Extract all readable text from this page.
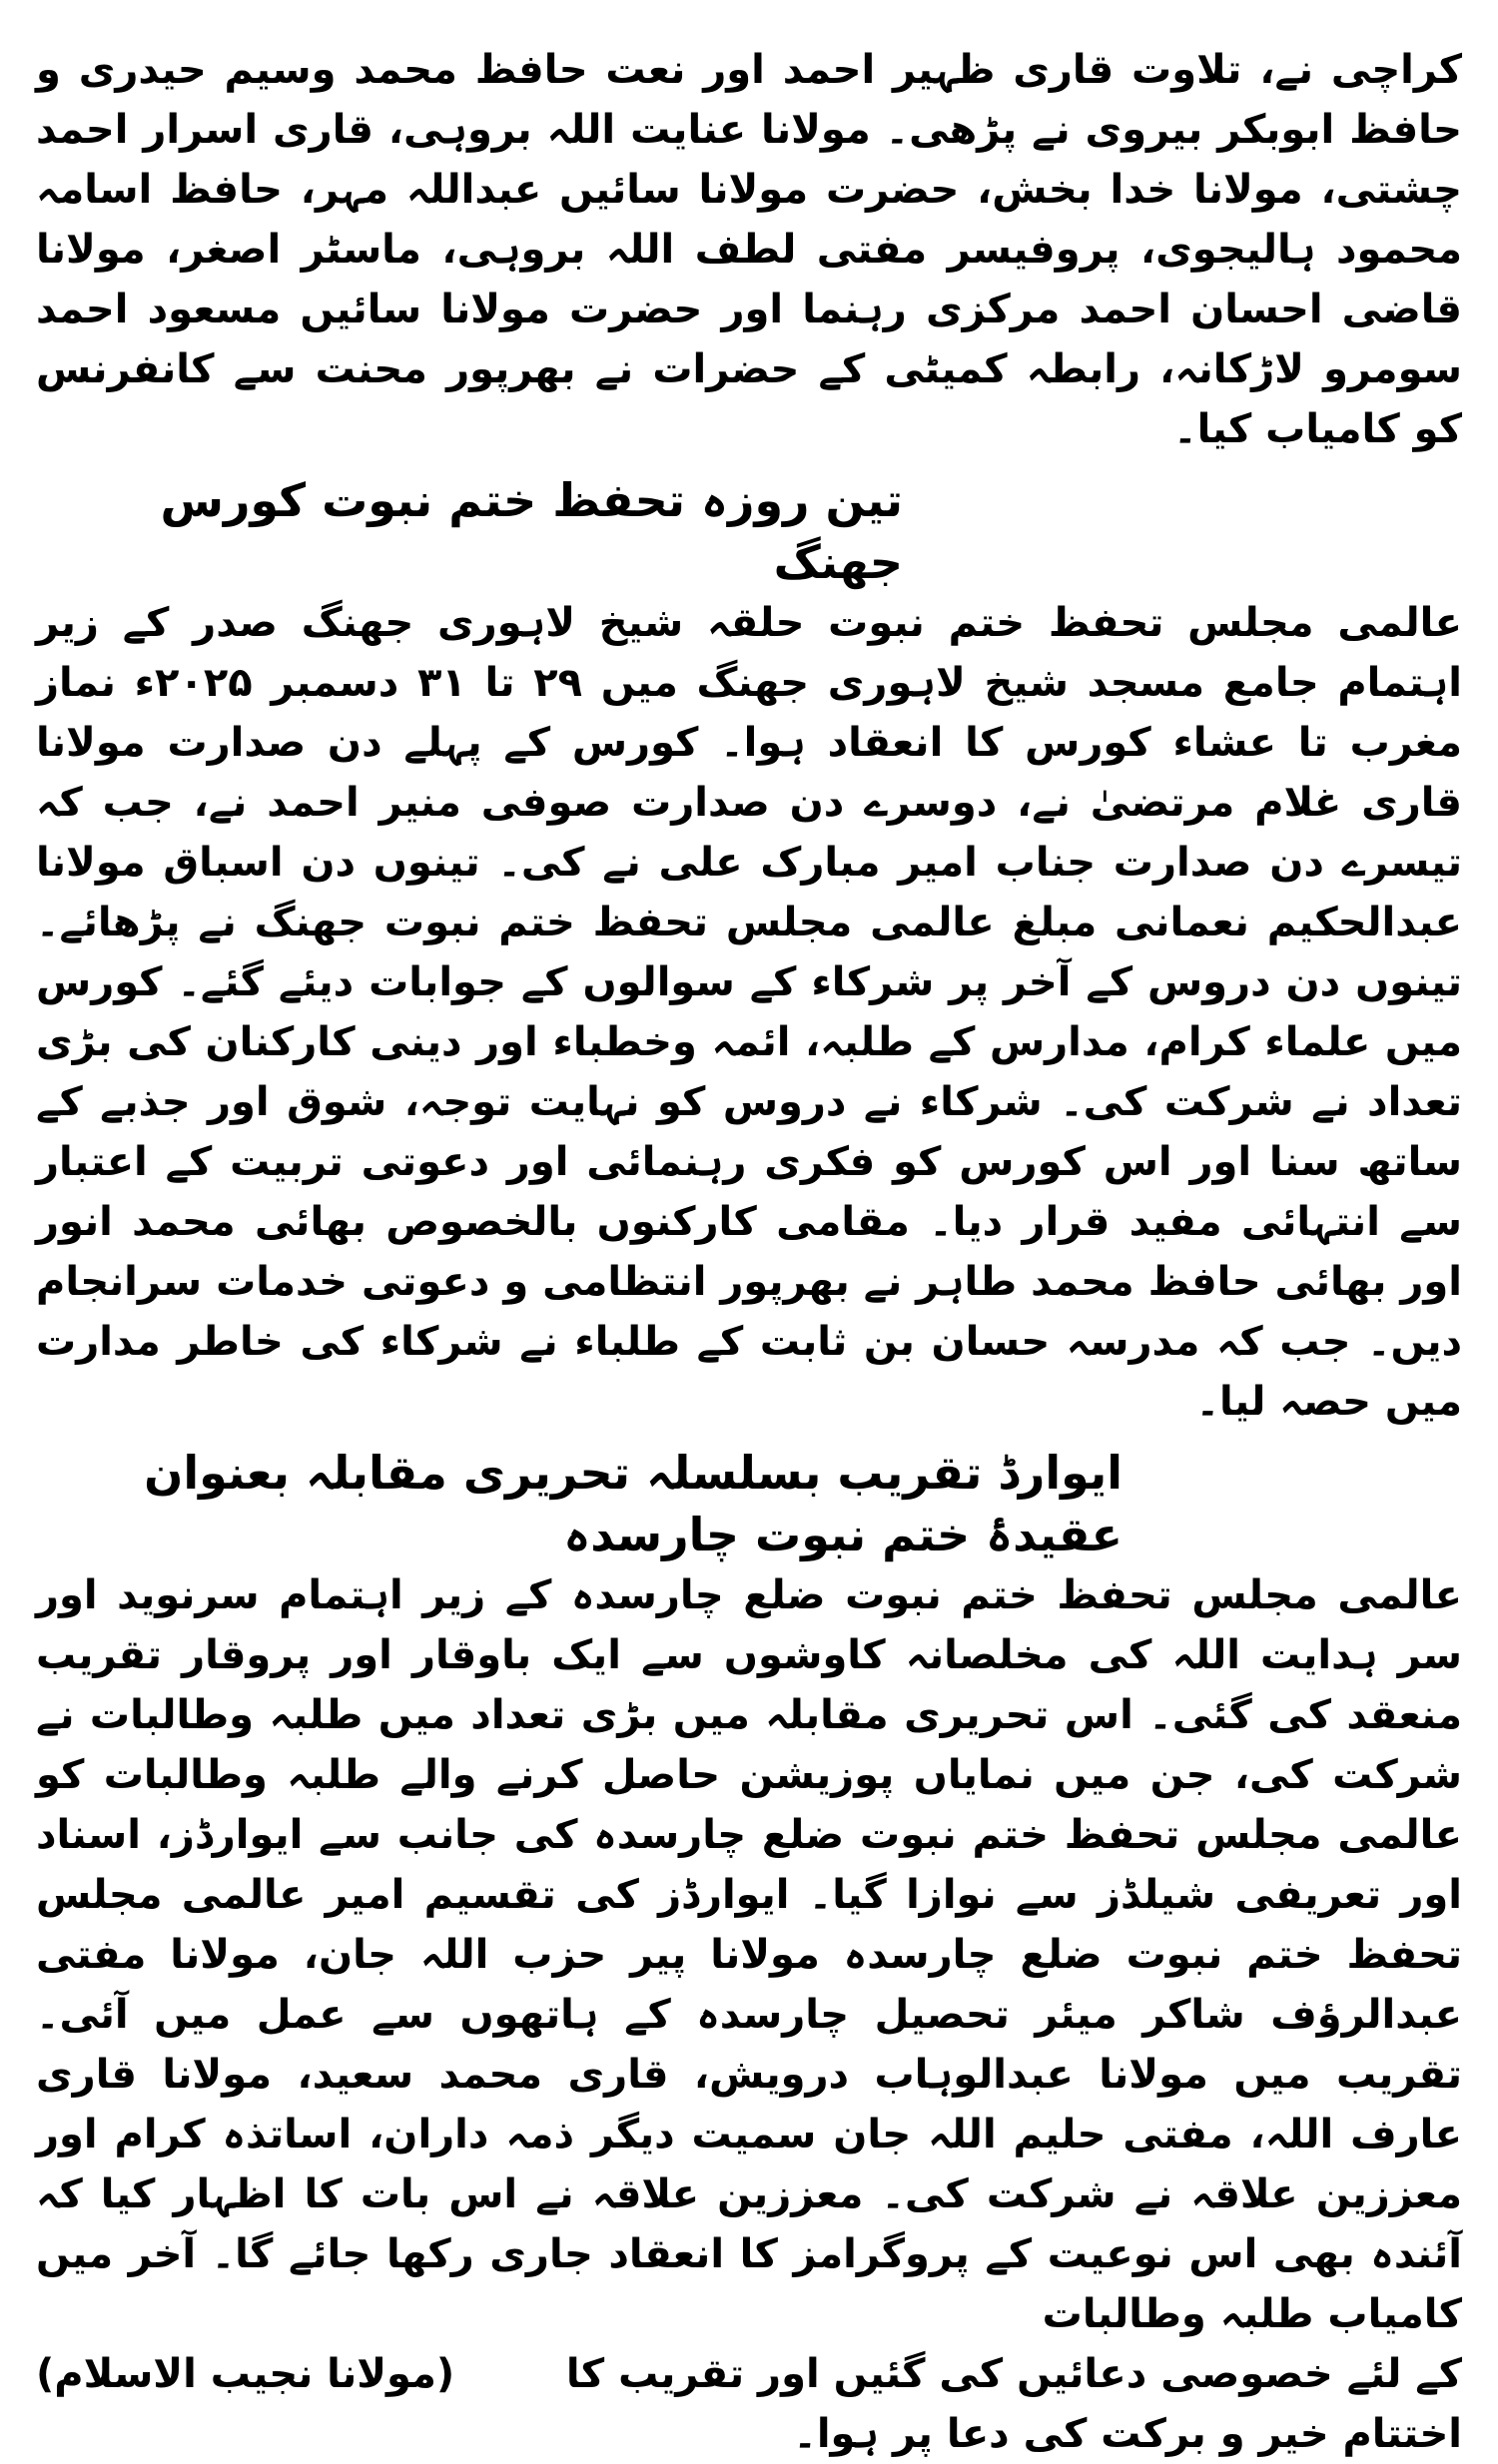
کراچی نے، تلاوت قاری ظہیر احمد اور نعت حافظ محمد وسیم حیدری و حافظ ابوبکر بیروی نے پڑھی۔ مولانا عنایت اللہ بروہی، قاری اسرار احمد چشتی، مولانا خدا بخش، حضرت مولانا سائیں عبداللہ مہر، حافظ اسامہ محمود ہالیجوی، پروفیسر مفتی لطف اللہ بروہی، ماسٹر اصغر، مولانا قاضی احسان احمد مرکزی رہنما اور حضرت مولانا سائیں مسعود احمد سومرو لاڑکانہ، رابطہ کمیٹی کے حضرات نے بھرپور محنت سے کانفرنس کو کامیاب کیا۔

تین روزہ تحفظ ختم نبوت کورس جھنگ

عالمی مجلس تحفظ ختم نبوت حلقہ شیخ لاہوری جھنگ صدر کے زیر اہتمام جامع مسجد شیخ لاہوری جھنگ میں ۲۹ تا ۳۱ دسمبر ۲۰۲۵ء نماز مغرب تا عشاء کورس کا انعقاد ہوا۔ کورس کے پہلے دن صدارت مولانا قاری غلام مرتضیٰ نے، دوسرے دن صدارت صوفی منیر احمد نے، جب کہ تیسرے دن صدارت جناب امیر مبارک علی نے کی۔ تینوں دن اسباق مولانا عبدالحکیم نعمانی مبلغ عالمی مجلس تحفظ ختم نبوت جھنگ نے پڑھائے۔ تینوں دن دروس کے آخر پر شرکاء کے سوالوں کے جوابات دیئے گئے۔ کورس میں علماء کرام، مدارس کے طلبہ، ائمہ وخطباء اور دینی کارکنان کی بڑی تعداد نے شرکت کی۔ شرکاء نے دروس کو نہایت توجہ، شوق اور جذبے کے ساتھ سنا اور اس کورس کو فکری رہنمائی اور دعوتی تربیت کے اعتبار سے انتہائی مفید قرار دیا۔ مقامی کارکنوں بالخصوص بھائی محمد انور اور بھائی حافظ محمد طاہر نے بھرپور انتظامی و دعوتی خدمات سرانجام دیں۔ جب کہ مدرسہ حسان بن ثابت کے طلباء نے شرکاء کی خاطر مدارت میں حصہ لیا۔

ایوارڈ تقریب بسلسلہ تحریری مقابلہ بعنوان عقیدۂ ختم نبوت چارسدہ

عالمی مجلس تحفظ ختم نبوت ضلع چارسدہ کے زیر اہتمام سرنوید اور سر ہدایت اللہ کی مخلصانہ کاوشوں سے ایک باوقار اور پروقار تقریب منعقد کی گئی۔ اس تحریری مقابلہ میں بڑی تعداد میں طلبہ وطالبات نے شرکت کی، جن میں نمایاں پوزیشن حاصل کرنے والے طلبہ وطالبات کو عالمی مجلس تحفظ ختم نبوت ضلع چارسدہ کی جانب سے ایوارڈز، اسناد اور تعریفی شیلڈز سے نوازا گیا۔ ایوارڈز کی تقسیم امیر عالمی مجلس تحفظ ختم نبوت ضلع چارسدہ مولانا پیر حزب اللہ جان، مولانا مفتی عبدالرؤف شاکر میئر تحصیل چارسدہ کے ہاتھوں سے عمل میں آئی۔ تقریب میں مولانا عبدالوہاب درویش، قاری محمد سعید، مولانا قاری عارف اللہ، مفتی حلیم اللہ جان سمیت دیگر ذمہ داران، اساتذہ کرام اور معززین علاقہ نے شرکت کی۔ معززین علاقہ نے اس بات کا اظہار کیا کہ آئندہ بھی اس نوعیت کے پروگرامز کا انعقاد جاری رکھا جائے گا۔ آخر میں کامیاب طلبہ وطالبات

کے لئے خصوصی دعائیں کی گئیں اور تقریب کا اختتام خیر و برکت کی دعا پر ہوا۔
(مولانا نجیب الاسلام)
